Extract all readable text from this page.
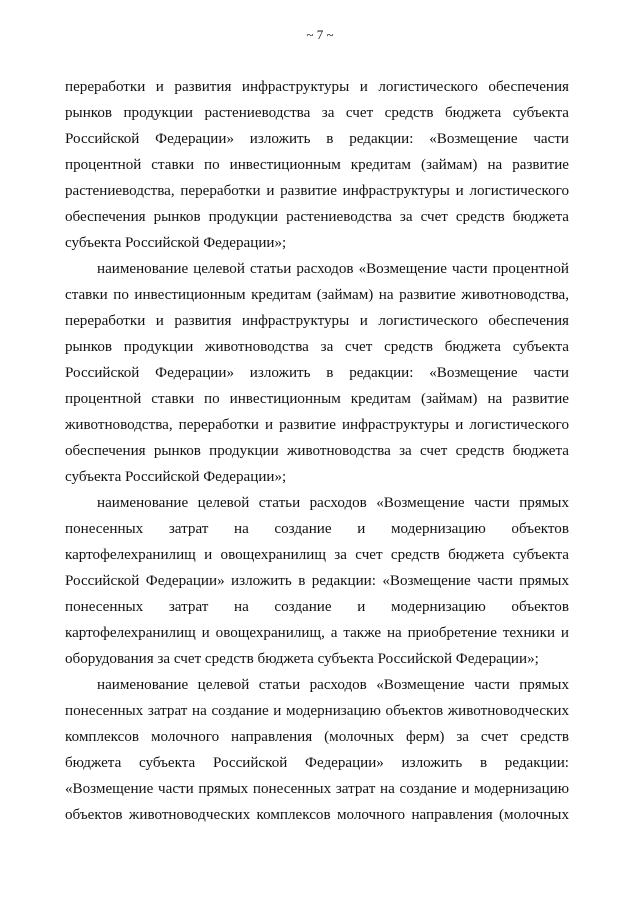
~ 7 ~
переработки и развития инфраструктуры и логистического обеспечения
рынков продукции растениеводства за счет средств бюджета субъекта
Российской Федерации» изложить в редакции: «Возмещение части
процентной ставки по инвестиционным кредитам (займам) на развитие
растениеводства, переработки и развитие инфраструктуры и логистического
обеспечения рынков продукции растениеводства за счет средств бюджета
субъекта Российской Федерации»;
наименование целевой статьи расходов «Возмещение части процентной
ставки по инвестиционным кредитам (займам) на развитие животноводства,
переработки и развития инфраструктуры и логистического обеспечения
рынков продукции животноводства за счет средств бюджета субъекта
Российской Федерации» изложить в редакции: «Возмещение части
процентной ставки по инвестиционным кредитам (займам) на развитие
животноводства, переработки и развитие инфраструктуры и логистического
обеспечения рынков продукции животноводства за счет средств бюджета
субъекта Российской Федерации»;
наименование целевой статьи расходов «Возмещение части прямых
понесенных затрат на создание и модернизацию объектов
картофелехранилищ и овощехранилищ за счет средств бюджета субъекта
Российской Федерации» изложить в редакции: «Возмещение части прямых
понесенных затрат на создание и модернизацию объектов
картофелехранилищ и овощехранилищ, а также на приобретение техники и
оборудования за счет средств бюджета субъекта Российской Федерации»;
наименование целевой статьи расходов «Возмещение части прямых
понесенных затрат на создание и модернизацию объектов животноводческих
комплексов молочного направления (молочных ферм) за счет средств
бюджета субъекта Российской Федерации» изложить в редакции:
«Возмещение части прямых понесенных затрат на создание и модернизацию
объектов животноводческих комплексов молочного направления (молочных
